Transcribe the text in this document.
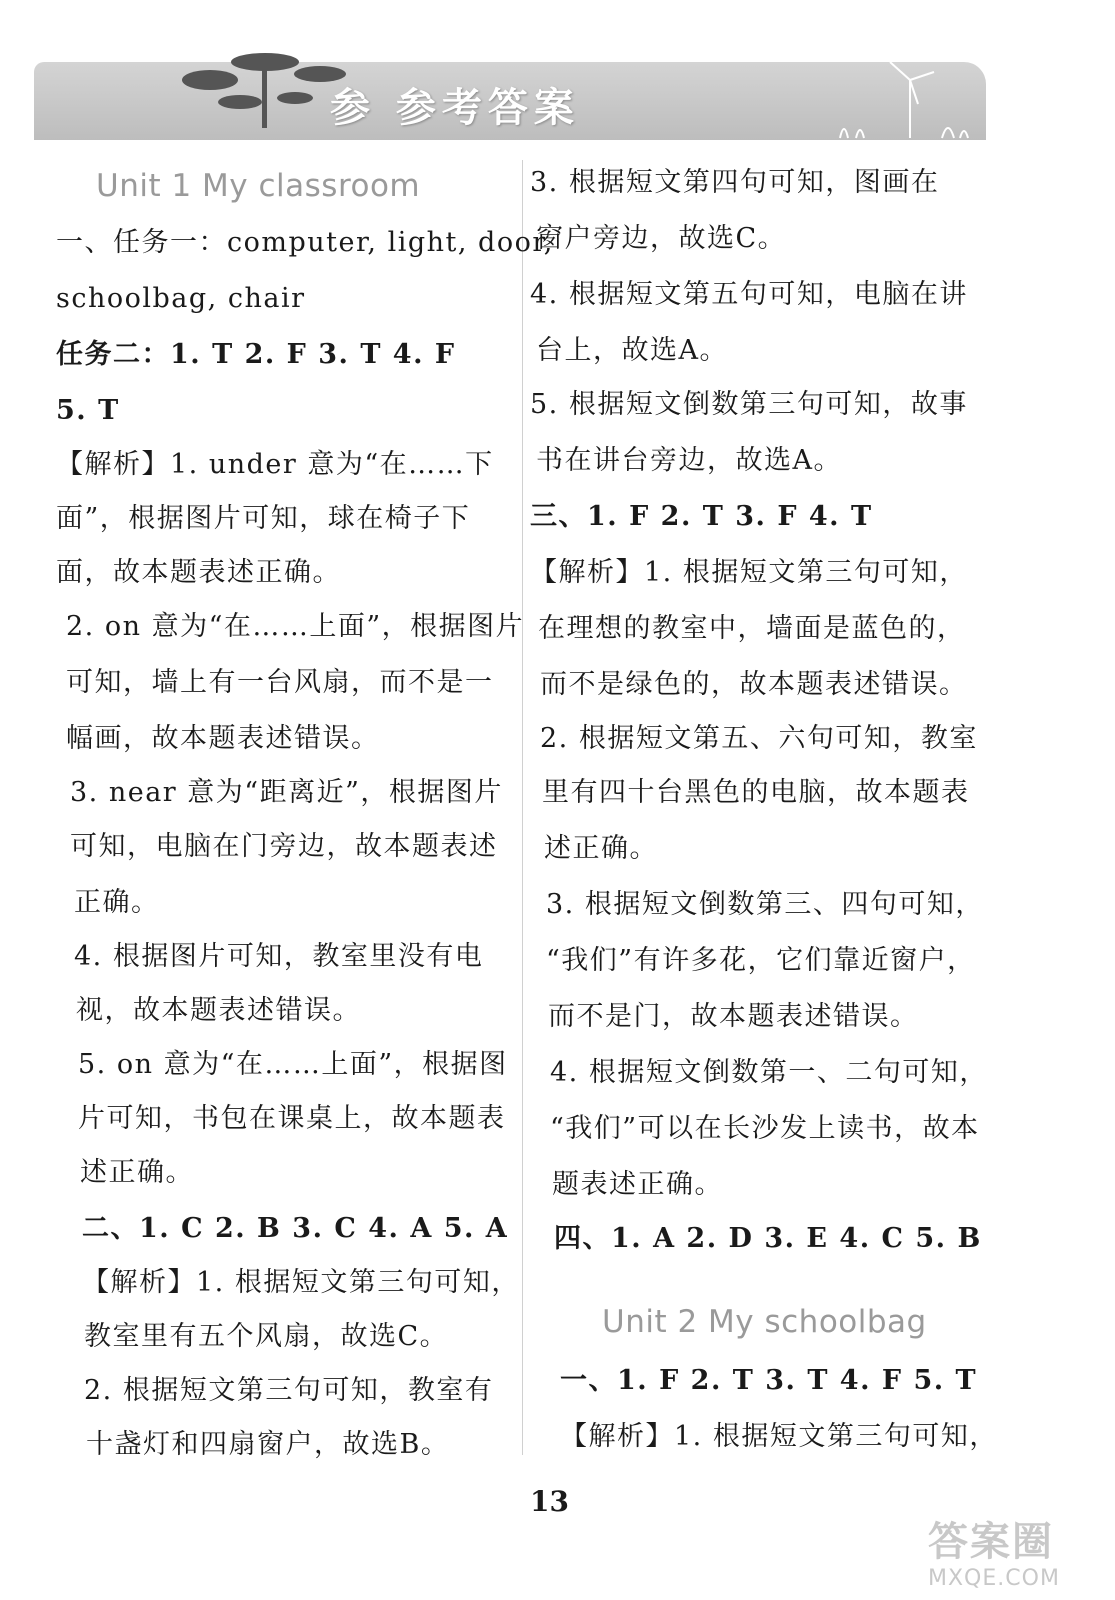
参 参考答案
Unit 1 My classroom
一、任务一：computer, light, door,
schoolbag, chair
任务二：1. T 2. F 3. T 4. F
5. T
【解析】1. under 意为“在……下
面”，根据图片可知，球在椅子下
面，故本题表述正确。
2. on 意为“在……上面”，根据图片
可知，墙上有一台风扇，而不是一
幅画，故本题表述错误。
3. near 意为“距离近”，根据图片
可知，电脑在门旁边，故本题表述
正确。
4. 根据图片可知，教室里没有电
视，故本题表述错误。
5. on 意为“在……上面”，根据图
片可知，书包在课桌上，故本题表
述正确。
二、1. C 2. B 3. C 4. A 5. A
【解析】1. 根据短文第三句可知，
教室里有五个风扇，故选C。
2. 根据短文第三句可知，教室有
十盏灯和四扇窗户，故选B。
3. 根据短文第四句可知，图画在
窗户旁边，故选C。
4. 根据短文第五句可知，电脑在讲
台上，故选A。
5. 根据短文倒数第三句可知，故事
书在讲台旁边，故选A。
三、1. F 2. T 3. F 4. T
【解析】1. 根据短文第三句可知，
在理想的教室中，墙面是蓝色的，
而不是绿色的，故本题表述错误。
2. 根据短文第五、六句可知，教室
里有四十台黑色的电脑，故本题表
述正确。
3. 根据短文倒数第三、四句可知，
“我们”有许多花，它们靠近窗户，
而不是门，故本题表述错误。
4. 根据短文倒数第一、二句可知，
“我们”可以在长沙发上读书，故本
题表述正确。
四、1. A 2. D 3. E 4. C 5. B
Unit 2 My schoolbag
一、1. F 2. T 3. T 4. F 5. T
【解析】1. 根据短文第三句可知，
13
答案圈
MXQE.COM
